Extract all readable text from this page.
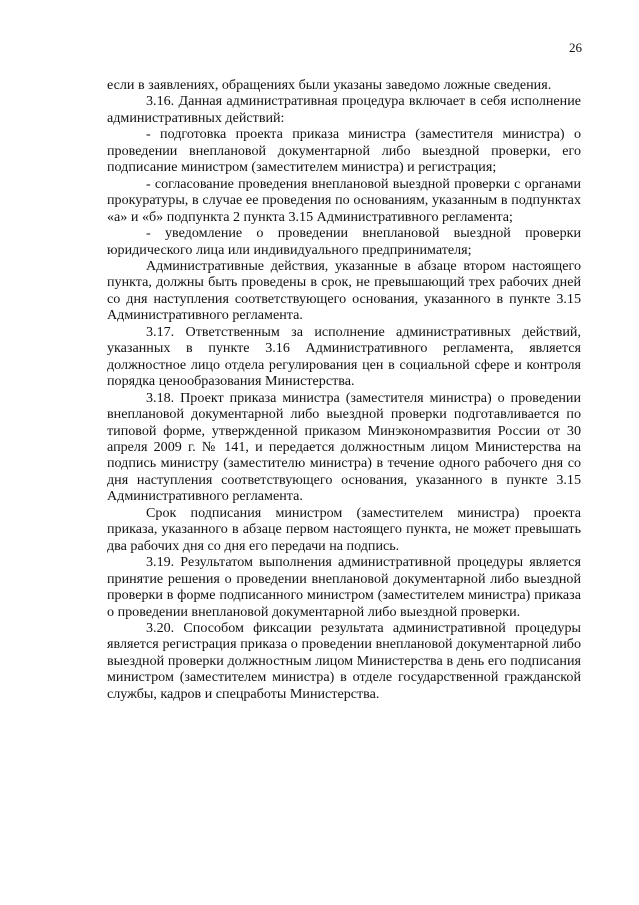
26

если в заявлениях, обращениях были указаны заведомо ложные сведения.

3.16. Данная административная процедура включает в себя исполнение административных действий:

- подготовка проекта приказа министра (заместителя министра) о проведении внеплановой документарной либо выездной проверки, его подписание министром (заместителем министра) и регистрация;

- согласование проведения внеплановой выездной проверки с органами прокуратуры, в случае ее проведения по основаниям, указанным в подпунктах «а» и «б» подпункта 2 пункта 3.15 Административного регламента;

- уведомление о проведении внеплановой выездной проверки юридического лица или индивидуального предпринимателя;

Административные действия, указанные в абзаце втором настоящего пункта, должны быть проведены в срок, не превышающий трех рабочих дней со дня наступления соответствующего основания, указанного в пункте 3.15 Административного регламента.

3.17. Ответственным за исполнение административных действий, указанных в пункте 3.16 Административного регламента, является должностное лицо отдела регулирования цен в социальной сфере и контроля порядка ценообразования Министерства.

3.18. Проект приказа министра (заместителя министра) о проведении внеплановой документарной либо выездной проверки подготавливается по типовой форме, утвержденной приказом Минэкономразвития России от 30 апреля 2009 г. № 141, и передается должностным лицом Министерства на подпись министру (заместителю министра) в течение одного рабочего дня со дня наступления соответствующего основания, указанного в пункте 3.15 Административного регламента.

Срок подписания министром (заместителем министра) проекта приказа, указанного в абзаце первом настоящего пункта, не может превышать два рабочих дня со дня его передачи на подпись.

3.19. Результатом выполнения административной процедуры является принятие решения о проведении внеплановой документарной либо выездной проверки в форме подписанного министром (заместителем министра) приказа о проведении внеплановой документарной либо выездной проверки.

3.20. Способом фиксации результата административной процедуры является регистрация приказа о проведении внеплановой документарной либо выездной проверки должностным лицом Министерства в день его подписания министром (заместителем министра) в отделе государственной гражданской службы, кадров и спецработы Министерства.
